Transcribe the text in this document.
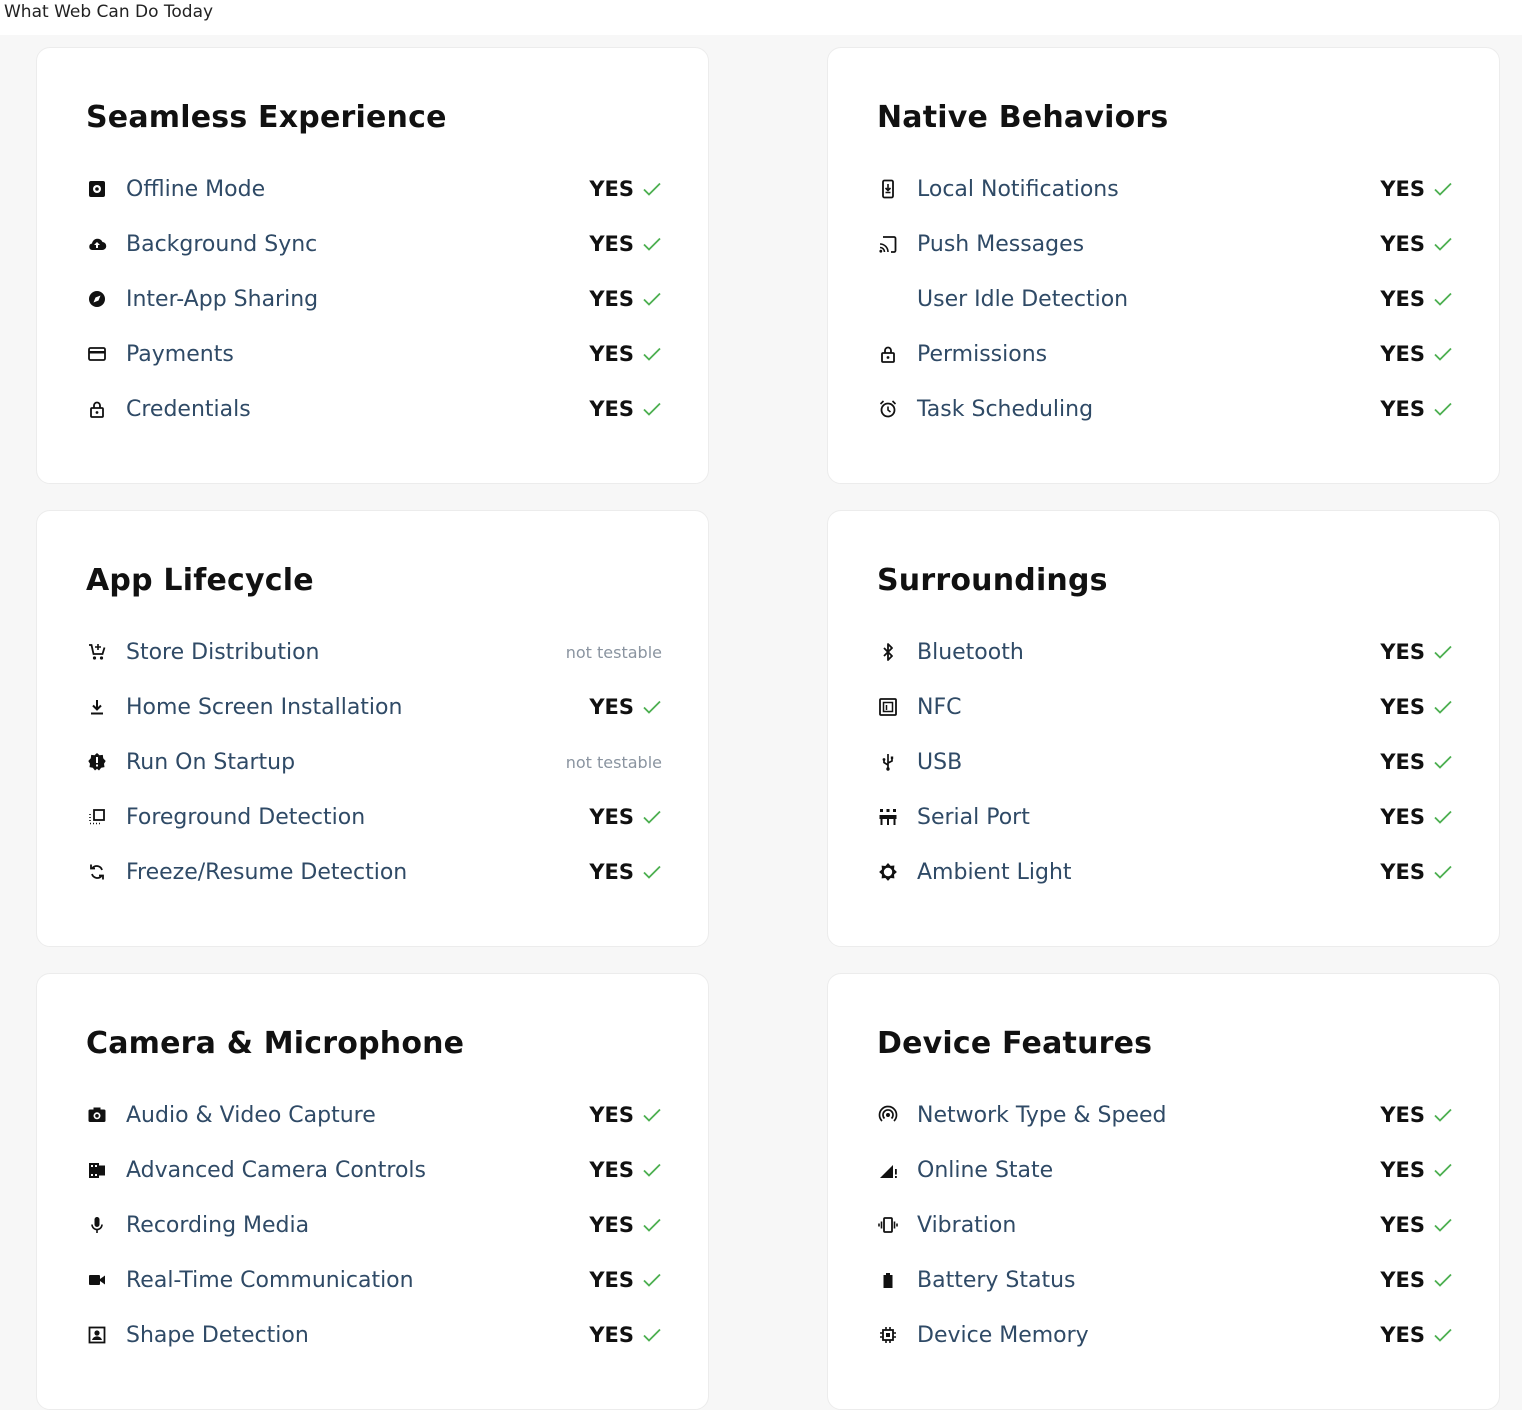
What Web Can Do Today
Seamless Experience
Offline Mode	YES
Background Sync	YES
Inter-App Sharing	YES
Payments	YES
Credentials	YES
Native Behaviors
Local Notifications	YES
Push Messages	YES
User Idle Detection	YES
Permissions	YES
Task Scheduling	YES
App Lifecycle
Store Distribution	not testable
Home Screen Installation	YES
Run On Startup	not testable
Foreground Detection	YES
Freeze/Resume Detection	YES
Surroundings
Bluetooth	YES
NFC	YES
USB	YES
Serial Port	YES
Ambient Light	YES
Camera & Microphone
Audio & Video Capture	YES
Advanced Camera Controls	YES
Recording Media	YES
Real-Time Communication	YES
Shape Detection	YES
Device Features
Network Type & Speed	YES
Online State	YES
Vibration	YES
Battery Status	YES
Device Memory	YES
